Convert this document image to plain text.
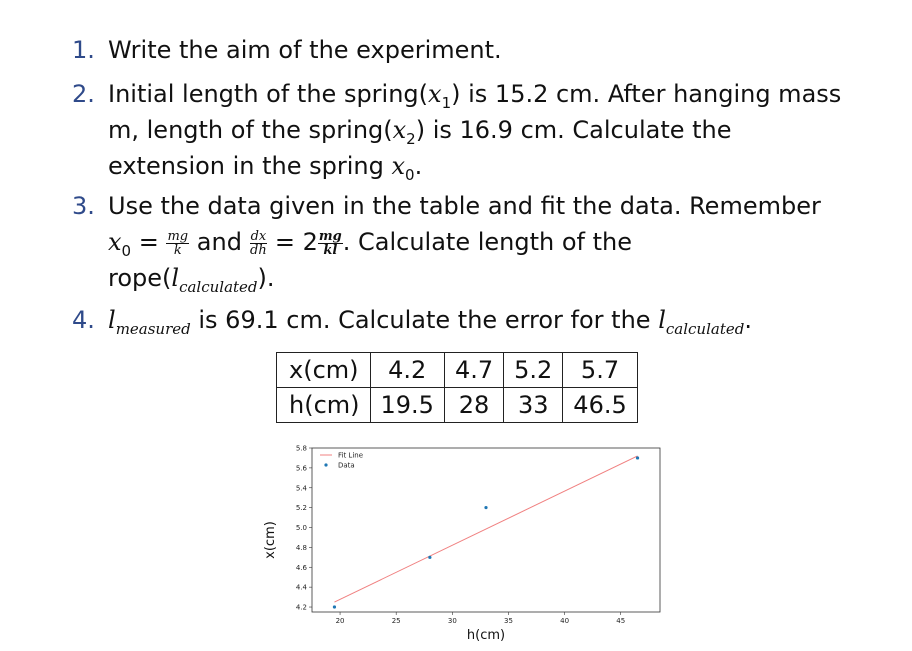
1. Write the aim of the experiment.
2. Initial length of the $spring(x_1)$ is 15.2 cm. After hanging mass
m, length of the $spring(x_2)$ is 16.9 cm. Calculate the
extension in the spring $x_0$.
3. Use the data given in the table and fit the data. Remember
$x_0 = \frac{mg}{k}$ and $\frac{dx}{dh} = 2 \frac{mg}{kl}$ . Calculate length of the
$rope(l_{calculated})$.
4. $l_{measured}$ is 69.1 cm. Calculate the error for the $l_{calculated}$.
x(cm)	4.2	4.7	5.2	5.7
h(cm)	19.5	28	33	46.5
20	25	30	35	40	45
4.2
4.4
4.6
4.8
5.0
5.2
5.4
5.6
5.8
Fit Line
Data
h(cm)
x(cm)
